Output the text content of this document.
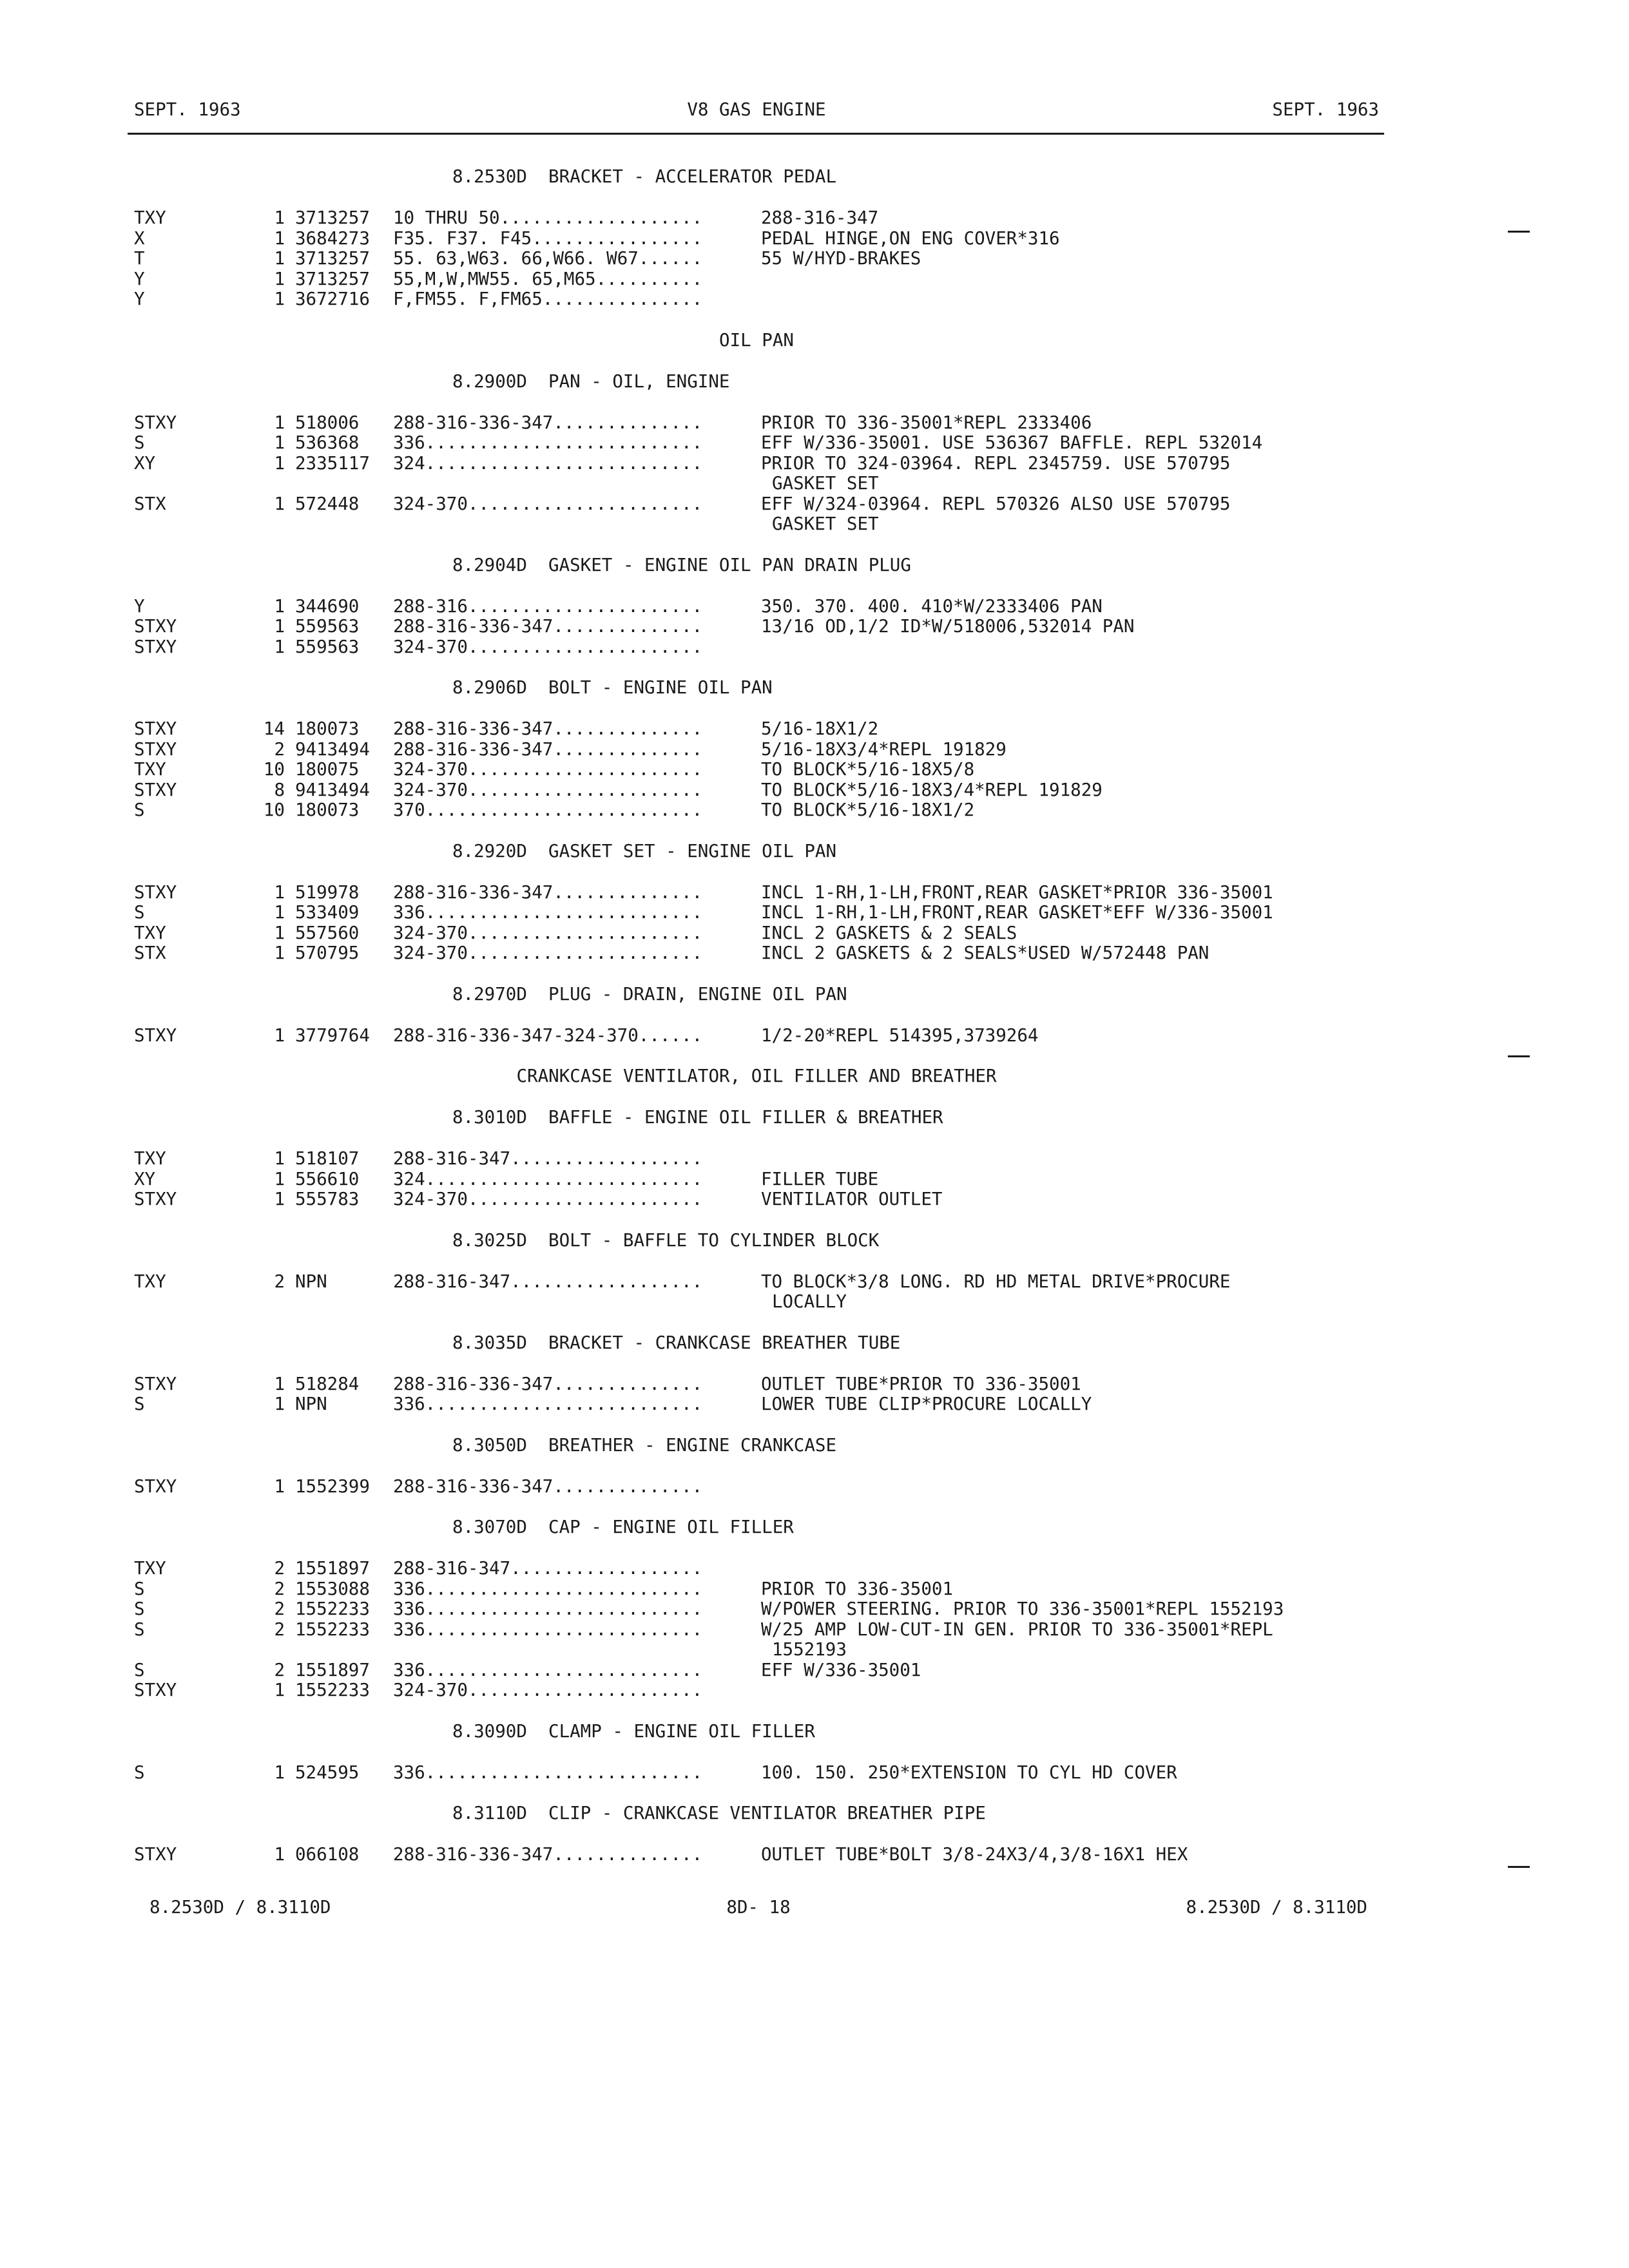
SEPT. 1963	V8 GAS ENGINE	SEPT. 1963
8.2530D  BRACKET - ACCELERATOR PEDAL
TXY	1 3713257 10 THRU 50...................	288-316-347
X	1 3684273 F35. F37. F45................	PEDAL HINGE,ON ENG COVER*316
T	1 3713257 55. 63,W63. 66,W66. W67......	55 W/HYD-BRAKES
Y	1 3713257 55,M,W,MW55. 65,M65..........
Y	1 3672716 F,FM55. F,FM65...............
OIL PAN
8.2900D  PAN - OIL, ENGINE
STXY	1 518006 288-316-336-347..............	PRIOR TO 336-35001*REPL 2333406
S	1 536368 336..........................	EFF W/336-35001. USE 536367 BAFFLE. REPL 532014
XY	1 2335117 324..........................	PRIOR TO 324-03964. REPL 2345759. USE 570795
GASKET SET
STX	1 572448 324-370......................	EFF W/324-03964. REPL 570326 ALSO USE 570795
GASKET SET
8.2904D  GASKET - ENGINE OIL PAN DRAIN PLUG
Y	1 344690 288-316......................	350. 370. 400. 410*W/2333406 PAN
STXY	1 559563 288-316-336-347..............	13/16 OD,1/2 ID*W/518006,532014 PAN
STXY	1 559563 324-370......................
8.2906D  BOLT - ENGINE OIL PAN
STXY	14 180073 288-316-336-347..............	5/16-18X1/2
STXY	2 9413494 288-316-336-347..............	5/16-18X3/4*REPL 191829
TXY	10 180075 324-370......................	TO BLOCK*5/16-18X5/8
STXY	8 9413494 324-370......................	TO BLOCK*5/16-18X3/4*REPL 191829
S	10 180073 370..........................	TO BLOCK*5/16-18X1/2
8.2920D  GASKET SET - ENGINE OIL PAN
STXY	1 519978 288-316-336-347..............	INCL 1-RH,1-LH,FRONT,REAR GASKET*PRIOR 336-35001
S	1 533409 336..........................	INCL 1-RH,1-LH,FRONT,REAR GASKET*EFF W/336-35001
TXY	1 557560 324-370......................	INCL 2 GASKETS & 2 SEALS
STX	1 570795 324-370......................	INCL 2 GASKETS & 2 SEALS*USED W/572448 PAN
8.2970D  PLUG - DRAIN, ENGINE OIL PAN
STXY	1 3779764 288-316-336-347-324-370......	1/2-20*REPL 514395,3739264
CRANKCASE VENTILATOR, OIL FILLER AND BREATHER
8.3010D  BAFFLE - ENGINE OIL FILLER & BREATHER
TXY	1 518107 288-316-347..................
XY	1 556610 324..........................	FILLER TUBE
STXY	1 555783 324-370......................	VENTILATOR OUTLET
8.3025D  BOLT - BAFFLE TO CYLINDER BLOCK
TXY	2 NPN	288-316-347..................	TO BLOCK*3/8 LONG. RD HD METAL DRIVE*PROCURE
LOCALLY
8.3035D  BRACKET - CRANKCASE BREATHER TUBE
STXY	1 518284 288-316-336-347..............	OUTLET TUBE*PRIOR TO 336-35001
S	1 NPN	336..........................	LOWER TUBE CLIP*PROCURE LOCALLY
8.3050D  BREATHER - ENGINE CRANKCASE
STXY	1 1552399 288-316-336-347..............
8.3070D  CAP - ENGINE OIL FILLER
TXY	2 1551897 288-316-347..................
S	2 1553088 336..........................	PRIOR TO 336-35001
S	2 1552233 336..........................	W/POWER STEERING. PRIOR TO 336-35001*REPL 1552193
S	2 1552233 336..........................	W/25 AMP LOW-CUT-IN GEN. PRIOR TO 336-35001*REPL
1552193
S	2 1551897 336..........................	EFF W/336-35001
STXY	1 1552233 324-370......................
8.3090D  CLAMP - ENGINE OIL FILLER
S	1 524595 336..........................	100. 150. 250*EXTENSION TO CYL HD COVER
8.3110D  CLIP - CRANKCASE VENTILATOR BREATHER PIPE
STXY	1 066108 288-316-336-347..............	OUTLET TUBE*BOLT 3/8-24X3/4,3/8-16X1 HEX
8.2530D / 8.3110D	8D- 18	8.2530D / 8.3110D
